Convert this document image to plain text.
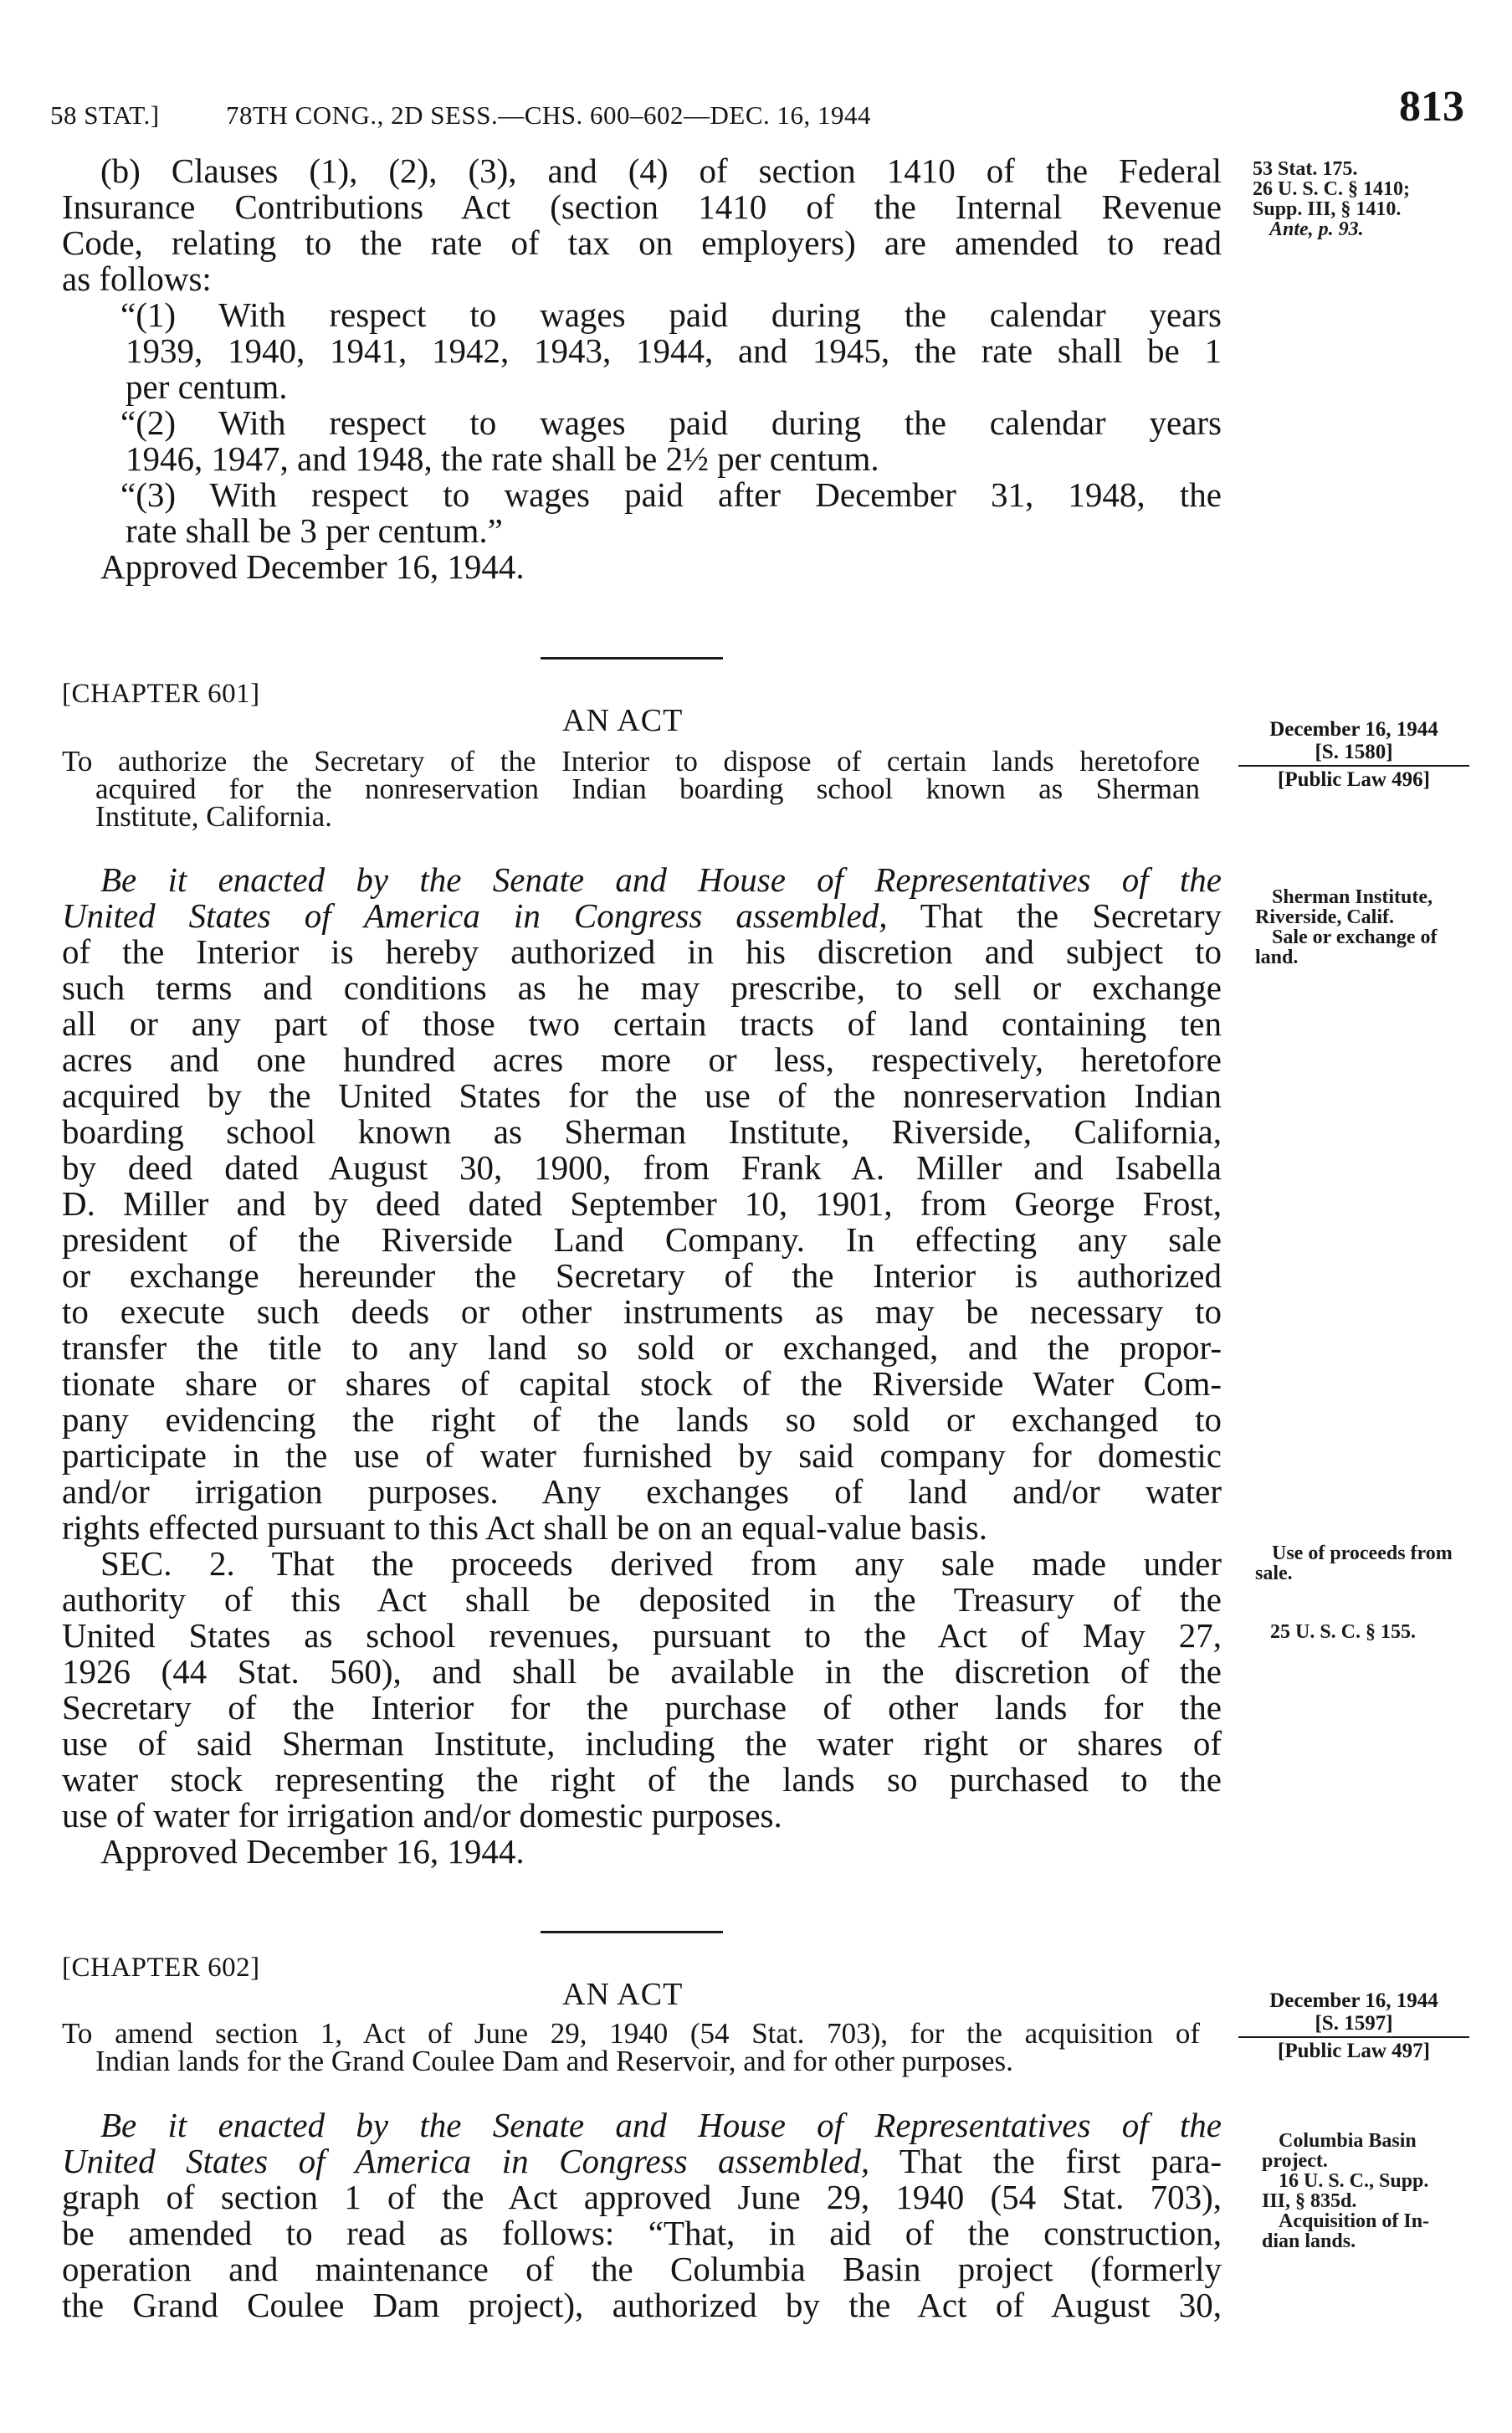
58 STAT.]	78TH CONG., 2D SESS.—CHS. 600–602—DEC. 16, 1944	813

(b) Clauses (1), (2), (3), and (4) of section 1410 of the Federal

Insurance Contributions Act (section 1410 of the Internal Revenue

Code, relating to the rate of tax on employers) are amended to read

as follows:

“(1) With respect to wages paid during the calendar years

1939, 1940, 1941, 1942, 1943, 1944, and 1945, the rate shall be 1

per centum.

“(2) With respect to wages paid during the calendar years

1946, 1947, and 1948, the rate shall be 2½ per centum.

“(3) With respect to wages paid after December 31, 1948, the

rate shall be 3 per centum.”

Approved December 16, 1944.

53 Stat. 175.
26 U. S. C. § 1410;
Supp. III, § 1410.
Ante, p. 93.
[CHAPTER 601]
AN ACT
To authorize the Secretary of the Interior to dispose of certain lands heretofore
acquired for the nonreservation Indian boarding school known as Sherman
Institute, California.
December 16, 1944
[S. 1580]
[Public Law 496]

Be it enacted by the Senate and House of Representatives of the

United States of America in Congress assembled, That the Secretary

of the Interior is hereby authorized in his discretion and subject to

such terms and conditions as he may prescribe, to sell or exchange

all or any part of those two certain tracts of land containing ten

acres and one hundred acres more or less, respectively, heretofore

acquired by the United States for the use of the nonreservation Indian

boarding school known as Sherman Institute, Riverside, California,

by deed dated August 30, 1900, from Frank A. Miller and Isabella

D. Miller and by deed dated September 10, 1901, from George Frost,

president of the Riverside Land Company. In effecting any sale

or exchange hereunder the Secretary of the Interior is authorized

to execute such deeds or other instruments as may be necessary to

transfer the title to any land so sold or exchanged, and the propor-

tionate share or shares of capital stock of the Riverside Water Com-

pany evidencing the right of the lands so sold or exchanged to

participate in the use of water furnished by said company for domestic

and/or irrigation purposes. Any exchanges of land and/or water

rights effected pursuant to this Act shall be on an equal-value basis.

SEC. 2. That the proceeds derived from any sale made under

authority of this Act shall be deposited in the Treasury of the

United States as school revenues, pursuant to the Act of May 27,

1926 (44 Stat. 560), and shall be available in the discretion of the

Secretary of the Interior for the purchase of other lands for the

use of said Sherman Institute, including the water right or shares of

water stock representing the right of the lands so purchased to the

use of water for irrigation and/or domestic purposes.

Approved December 16, 1944.

Sherman Institute,
Riverside, Calif.
Sale or exchange of
land.
Use of proceeds from
sale.
25 U. S. C. § 155.
[CHAPTER 602]
AN ACT
To amend section 1, Act of June 29, 1940 (54 Stat. 703), for the acquisition of
Indian lands for the Grand Coulee Dam and Reservoir, and for other purposes.
December 16, 1944
[S. 1597]
[Public Law 497]

Be it enacted by the Senate and House of Representatives of the

United States of America in Congress assembled, That the first para-

graph of section 1 of the Act approved June 29, 1940 (54 Stat. 703),

be amended to read as follows: “That, in aid of the construction,

operation and maintenance of the Columbia Basin project (formerly

the Grand Coulee Dam project), authorized by the Act of August 30,

Columbia Basin
project.
16 U. S. C., Supp.
III, § 835d.
Acquisition of In-
dian lands.
